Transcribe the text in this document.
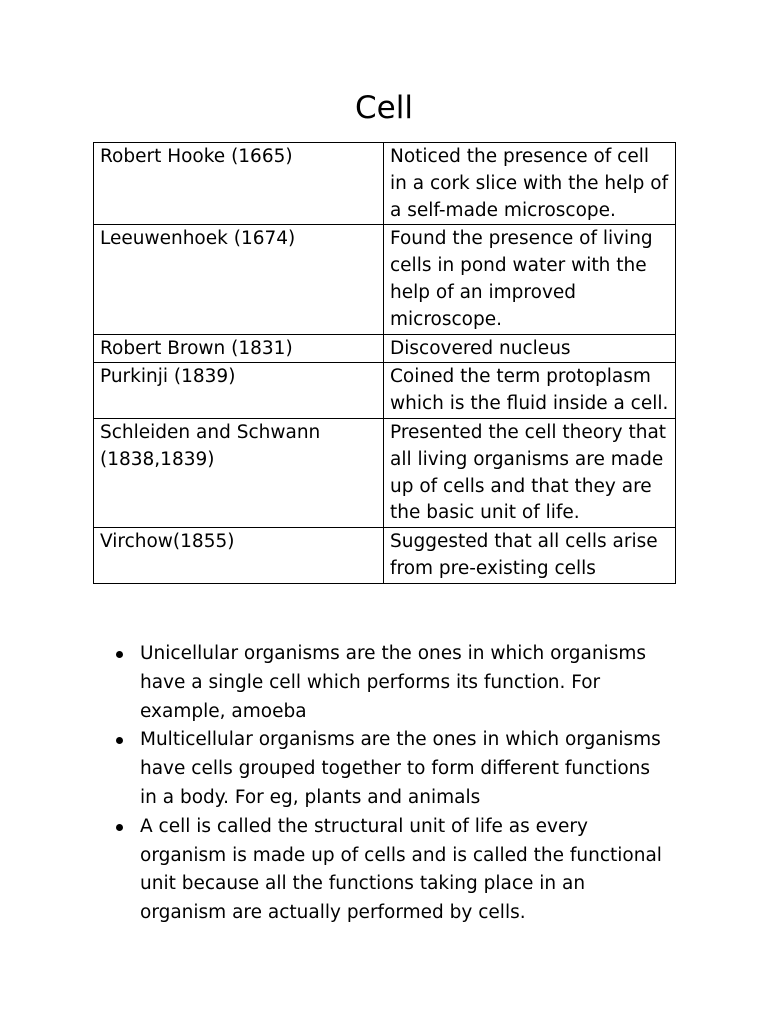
Cell
Robert Hooke (1665)	Noticed the presence of cell in a cork slice with the help of a self-made microscope.
Leeuwenhoek (1674)	Found the presence of living cells in pond water with the help of an improved microscope.
Robert Brown (1831)	Discovered nucleus
Purkinji (1839)	Coined the term protoplasm which is the fluid inside a cell.
Schleiden and Schwann (1838,1839)	Presented the cell theory that all living organisms are made up of cells and that they are the basic unit of life.
Virchow(1855)	Suggested that all cells arise from pre-existing cells
Unicellular organisms are the ones in which organisms have a single cell which performs its function. For example, amoeba
Multicellular organisms are the ones in which organisms have cells grouped together to form different functions in a body. For eg, plants and animals
A cell is called the structural unit of life as every organism is made up of cells and is called the functional unit because all the functions taking place in an organism are actually performed by cells.
